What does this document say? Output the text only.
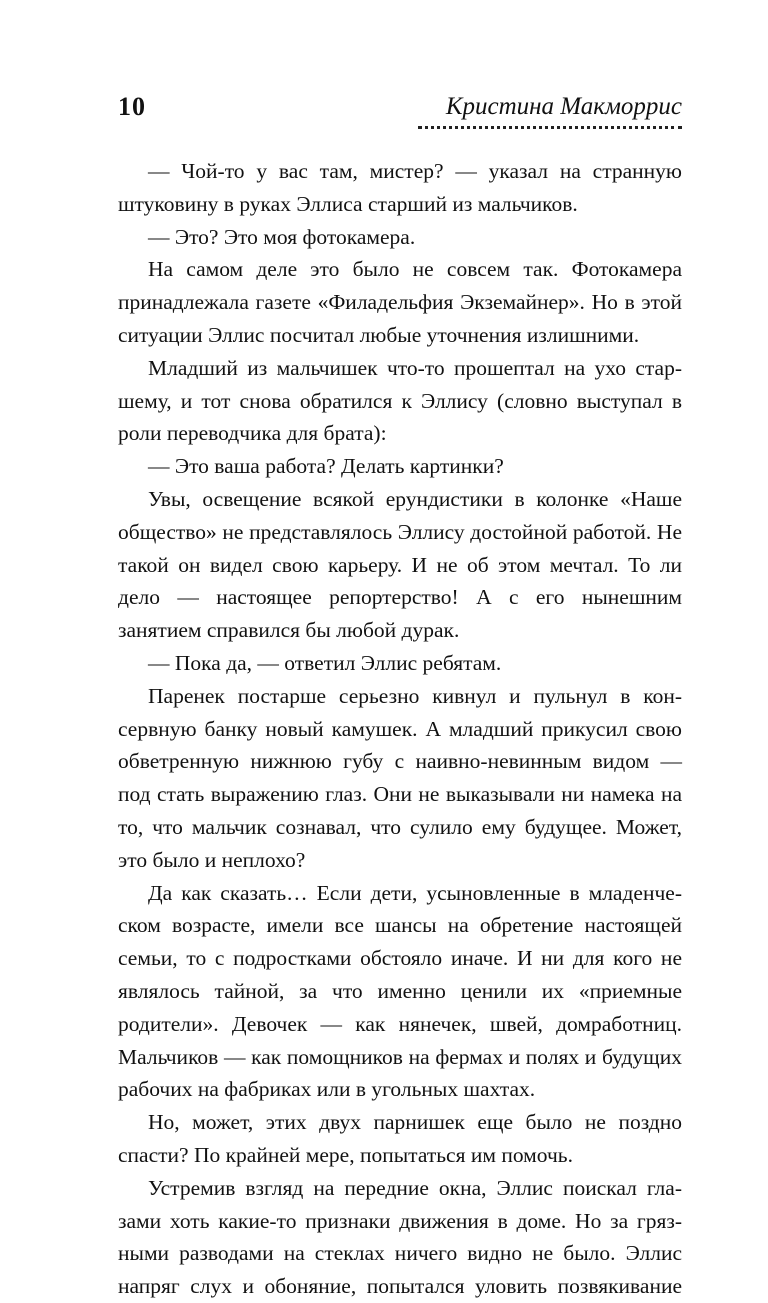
10	Кристина Макморрис

— Чой-то у вас там, мистер? — указал на странную штуковину в руках Эллиса старший из мальчиков.

— Это? Это моя фотокамера.

На самом деле это было не совсем так. Фотокамера принадлежала газете «Филадельфия Экземайнер». Но в этой ситуации Эллис посчитал любые уточнения излишними.

Младший из мальчишек что-то прошептал на ухо старшему, и тот снова обратился к Эллису (словно выступал в роли переводчика для брата):

— Это ваша работа? Делать картинки?

Увы, освещение всякой ерундистики в колонке «Наше общество» не представлялось Эллису достойной работой. Не такой он видел свою карьеру. И не об этом мечтал. То ли дело — настоящее репортерство! А с его нынешним занятием справился бы любой дурак.

— Пока да, — ответил Эллис ребятам.

Паренек постарше серьезно кивнул и пульнул в консервную банку новый камушек. А младший прикусил свою обветренную нижнюю губу с наивно-невинным видом — под стать выражению глаз. Они не выказывали ни намека на то, что мальчик сознавал, что сулило ему будущее. Может, это было и неплохо?

Да как сказать… Если дети, усыновленные в младенческом возрасте, имели все шансы на обретение настоящей семьи, то с подростками обстояло иначе. И ни для кого не являлось тайной, за что именно ценили их «приемные родители». Девочек — как нянечек, швей, домработниц. Мальчиков — как помощников на фермах и полях и будущих рабочих на фабриках или в угольных шахтах.

Но, может, этих двух парнишек еще было не поздно спасти? По крайней мере, попытаться им помочь.

Устремив взгляд на передние окна, Эллис поискал глазами хоть какие-то признаки движения в доме. Но за грязными разводами на стеклах ничего видно не было. Эллис напряг слух и обоняние, попытался уловить позвякивание
